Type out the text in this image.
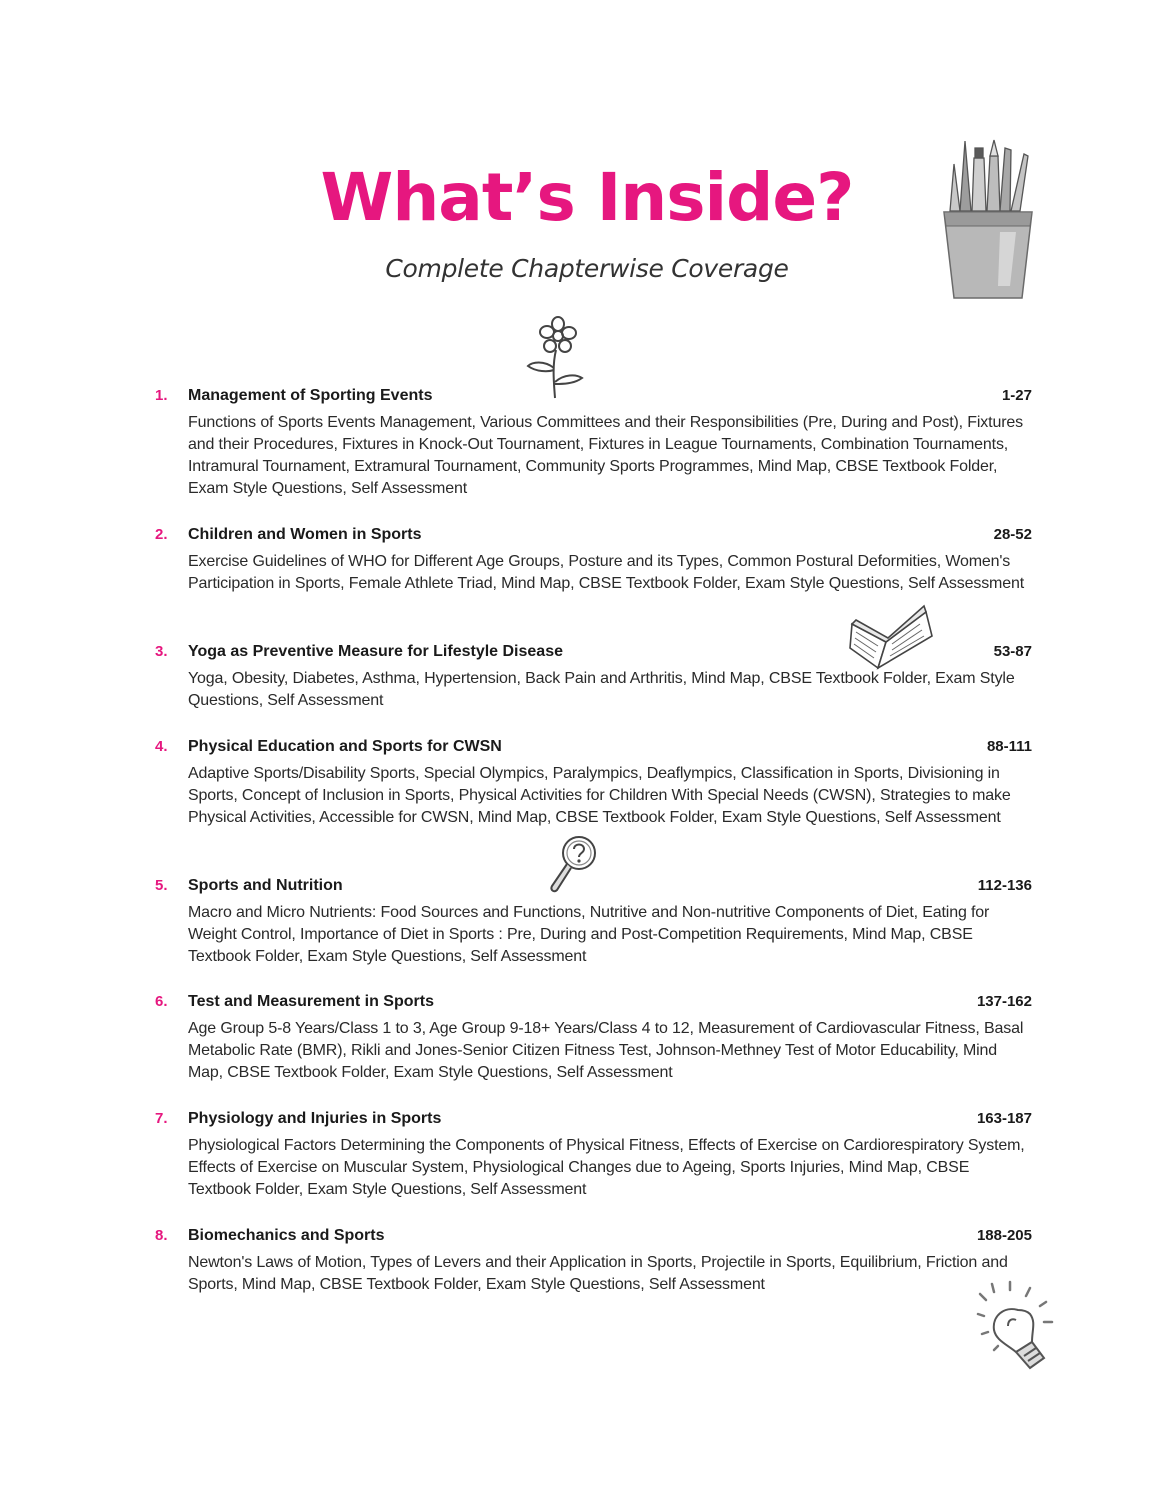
What’s Inside?
Complete Chapterwise Coverage
1.	Management of Sporting Events	1-27
Functions of Sports Events Management, Various Committees and their Responsibilities (Pre, During and Post), Fixtures and their Procedures, Fixtures in Knock-Out Tournament, Fixtures in League Tournaments, Combination Tournaments, Intramural Tournament, Extramural Tournament, Community Sports Programmes, Mind Map, CBSE Textbook Folder, Exam Style Questions, Self Assessment
2.	Children and Women in Sports	28-52
Exercise Guidelines of WHO for Different Age Groups, Posture and its Types, Common Postural Deformities, Women's Participation in Sports, Female Athlete Triad, Mind Map, CBSE Textbook Folder, Exam Style Questions, Self Assessment
3.	Yoga as Preventive Measure for Lifestyle Disease	53-87
Yoga, Obesity, Diabetes, Asthma, Hypertension, Back Pain and Arthritis, Mind Map, CBSE Textbook Folder, Exam Style Questions, Self Assessment
4.	Physical Education and Sports for CWSN	88-111
Adaptive Sports/Disability Sports, Special Olympics, Paralympics, Deaflympics, Classification in Sports, Divisioning in Sports, Concept of Inclusion in Sports, Physical Activities for Children With Special Needs (CWSN), Strategies to make Physical Activities, Accessible for CWSN, Mind Map, CBSE Textbook Folder, Exam Style Questions, Self Assessment
5.	Sports and Nutrition	112-136
Macro and Micro Nutrients: Food Sources and Functions, Nutritive and Non-nutritive Components of Diet, Eating for Weight Control, Importance of Diet in Sports : Pre, During and Post-Competition Requirements, Mind Map, CBSE Textbook Folder, Exam Style Questions, Self Assessment
6.	Test and Measurement in Sports	137-162
Age Group 5-8 Years/Class 1 to 3, Age Group 9-18+ Years/Class 4 to 12, Measurement of Cardiovascular Fitness, Basal Metabolic Rate (BMR), Rikli and Jones-Senior Citizen Fitness Test, Johnson-Methney Test of Motor Educability, Mind Map, CBSE Textbook Folder, Exam Style Questions, Self Assessment
7.	Physiology and Injuries in Sports	163-187
Physiological Factors Determining the Components of Physical Fitness, Effects of Exercise on Cardiorespiratory System, Effects of Exercise on Muscular System, Physiological Changes due to Ageing, Sports Injuries, Mind Map, CBSE Textbook Folder, Exam Style Questions, Self Assessment
8.	Biomechanics and Sports	188-205
Newton's Laws of Motion, Types of Levers and their Application in Sports, Projectile in Sports, Equilibrium, Friction and Sports, Mind Map, CBSE Textbook Folder, Exam Style Questions, Self Assessment
